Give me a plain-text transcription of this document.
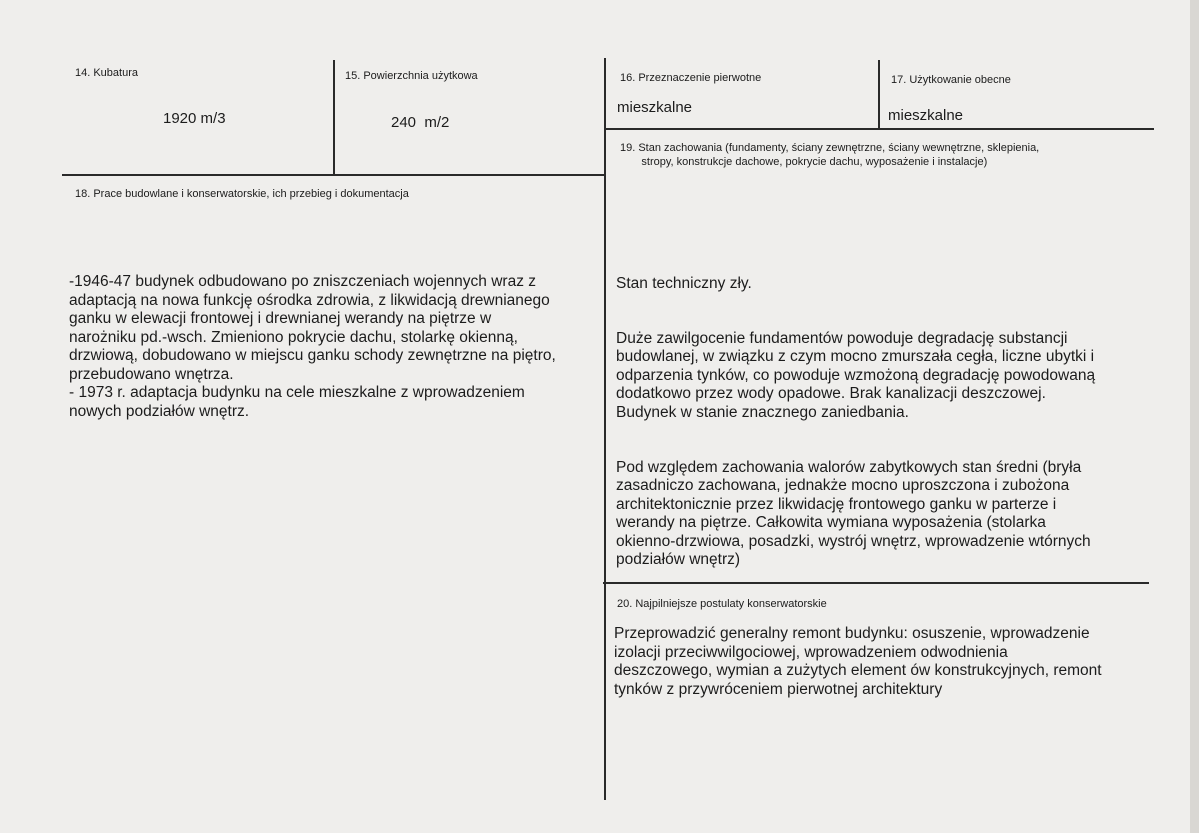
14. Kubatura
1920 m/3
15. Powierzchnia użytkowa
240  m/2
16. Przeznaczenie pierwotne
mieszkalne
17. Użytkowanie obecne
mieszkalne
18. Prace budowlane i konserwatorskie, ich przebieg i dokumentacja
-1946-47 budynek odbudowano po zniszczeniach wojennych wraz z
adaptacją na nowa funkcję ośrodka zdrowia, z likwidacją drewnianego
ganku w elewacji frontowej i drewnianej werandy na piętrze w
narożniku pd.-wsch. Zmieniono pokrycie dachu, stolarkę okienną,
drzwiową, dobudowano w miejscu ganku schody zewnętrzne na piętro,
przebudowano wnętrza.
- 1973 r. adaptacja budynku na cele mieszkalne z wprowadzeniem
nowych podziałów wnętrz.
19. Stan zachowania (fundamenty, ściany zewnętrzne, ściany wewnętrzne, sklepienia,
stropy, konstrukcje dachowe, pokrycie dachu, wyposażenie i instalacje)

Stan techniczny zły.

Duże zawilgocenie fundamentów powoduje degradację substancji
budowlanej, w związku z czym mocno zmurszała cegła, liczne ubytki i
odparzenia tynków, co powoduje wzmożoną degradację powodowaną
dodatkowo przez wody opadowe. Brak kanalizacji deszczowej.
Budynek w stanie znacznego zaniedbania.

Pod względem zachowania walorów zabytkowych stan średni (bryła
zasadniczo zachowana, jednakże mocno uproszczona i zubożona
architektonicznie przez likwidację frontowego ganku w parterze i
werandy na piętrze. Całkowita wymiana wyposażenia (stolarka
okienno-drzwiowa, posadzki, wystrój wnętrz, wprowadzenie wtórnych
podziałów wnętrz)

20. Najpilniejsze postulaty konserwatorskie
Przeprowadzić generalny remont budynku: osuszenie, wprowadzenie
izolacji przeciwwilgociowej, wprowadzeniem odwodnienia
deszczowego, wymian a zużytych element ów konstrukcyjnych, remont
tynków z przywróceniem pierwotnej architektury
